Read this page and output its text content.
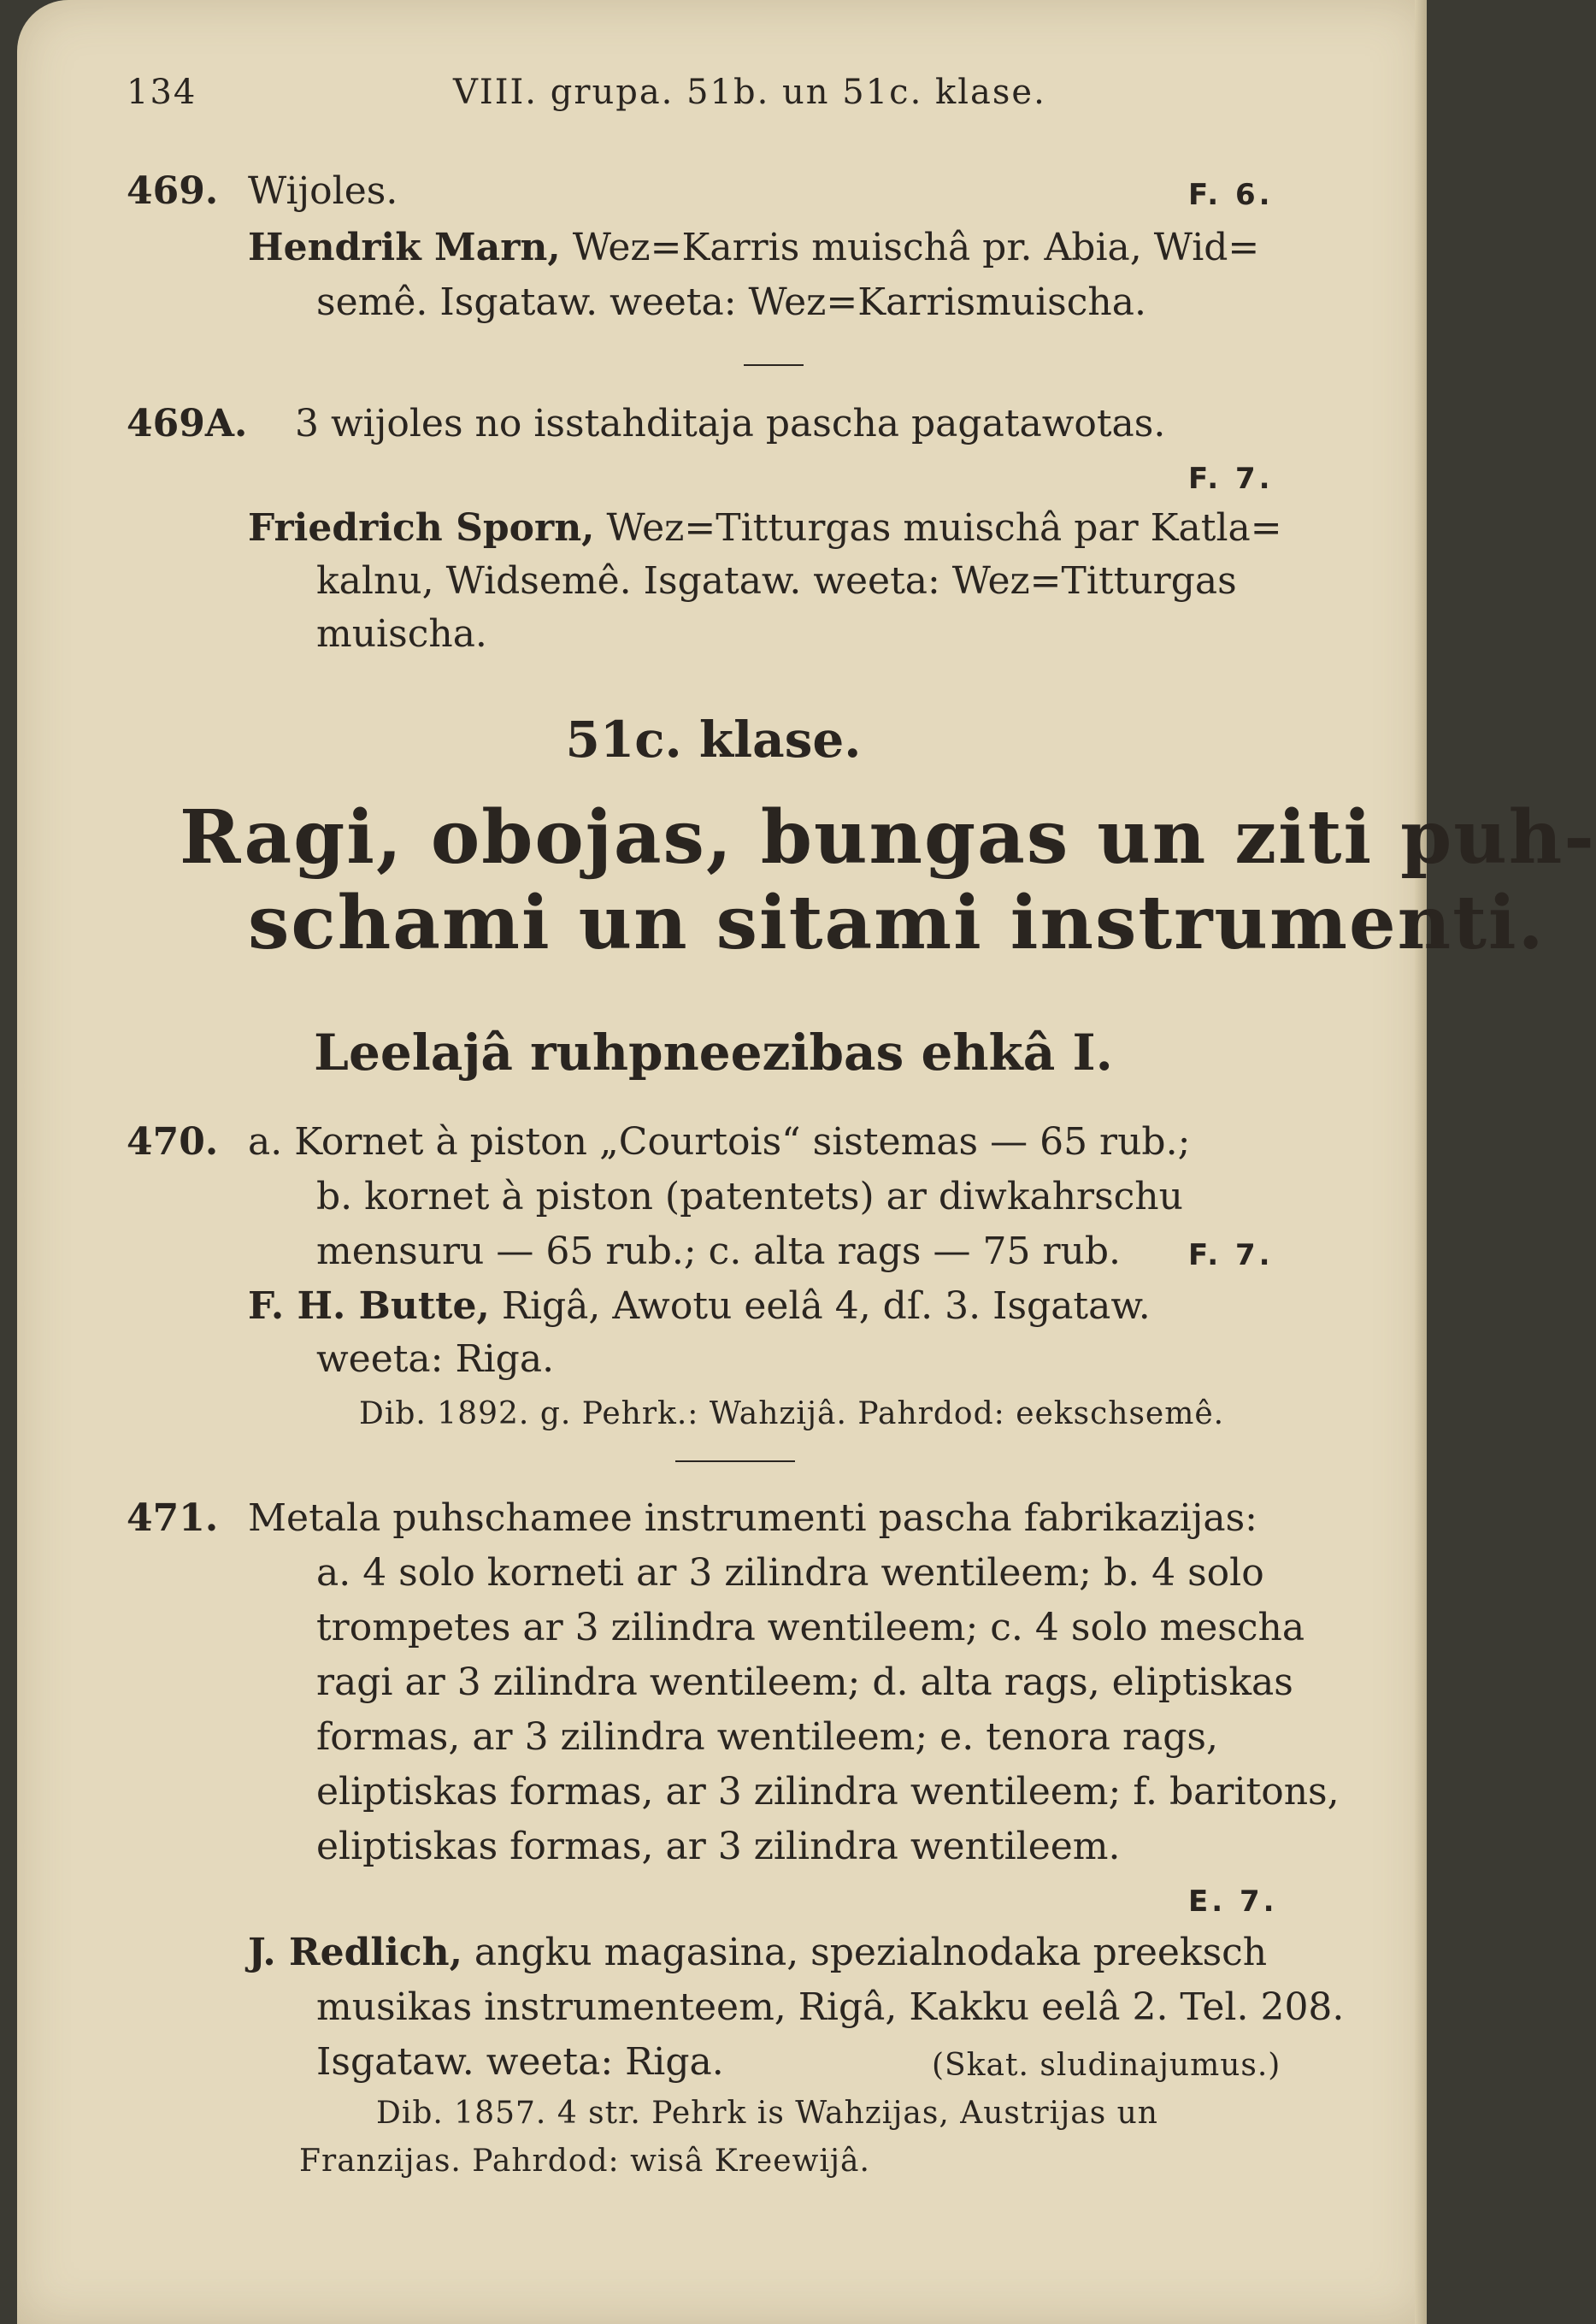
134	VIII. grupa. 51b. un 51c. klase.
469. Wijoles.	F. 6.
Hendrik Marn, Wez=Karris muischâ pr. Abia, Wid=
semê. Isgataw. weeta: Wez=Karrismuischa.
469A. 3 wijoles no isstahditaja pascha pagatawotas.
F. 7.
Friedrich Sporn, Wez=Titturgas muischâ par Katla=
kalnu, Widsemê. Isgataw. weeta: Wez=Titturgas
muischa.
51c. klase.
Ragi, obojas, bungas un ziti puh-
schami un sitami instrumenti.
Leelajâ ruhpneezibas ehkâ I.
470. a. Kornet à piston „Courtois“ sistemas — 65 rub.;
b. kornet à piston (patentets) ar diwkahrschu
mensuru — 65 rub.; c. alta rags — 75 rub. F. 7.
F. H. Butte, Rigâ, Awotu eelâ 4, dſ. 3. Isgataw.
weeta: Riga.
Dib. 1892. g. Pehrk.: Wahzijâ. Pahrdod: eekschsemê.
471. Metala puhschamee instrumenti pascha fabrikazijas:
a. 4 solo korneti ar 3 zilindra wentileem; b. 4 solo
trompetes ar 3 zilindra wentileem; c. 4 solo mescha
ragi ar 3 zilindra wentileem; d. alta rags, eliptiskas
formas, ar 3 zilindra wentileem; e. tenora rags,
eliptiskas formas, ar 3 zilindra wentileem; f. baritons,
eliptiskas formas, ar 3 zilindra wentileem.
E. 7.
J. Redlich, angku magasina, spezialnodaka preeksch
musikas instrumenteem, Rigâ, Kakku eelâ 2. Tel. 208.
Isgataw. weeta: Riga.	(Skat. sludinajumus.)
Dib. 1857. 4 str. Pehrk is Wahzijas, Austrijas un
Franzijas. Pahrdod: wisâ Kreewijâ.
